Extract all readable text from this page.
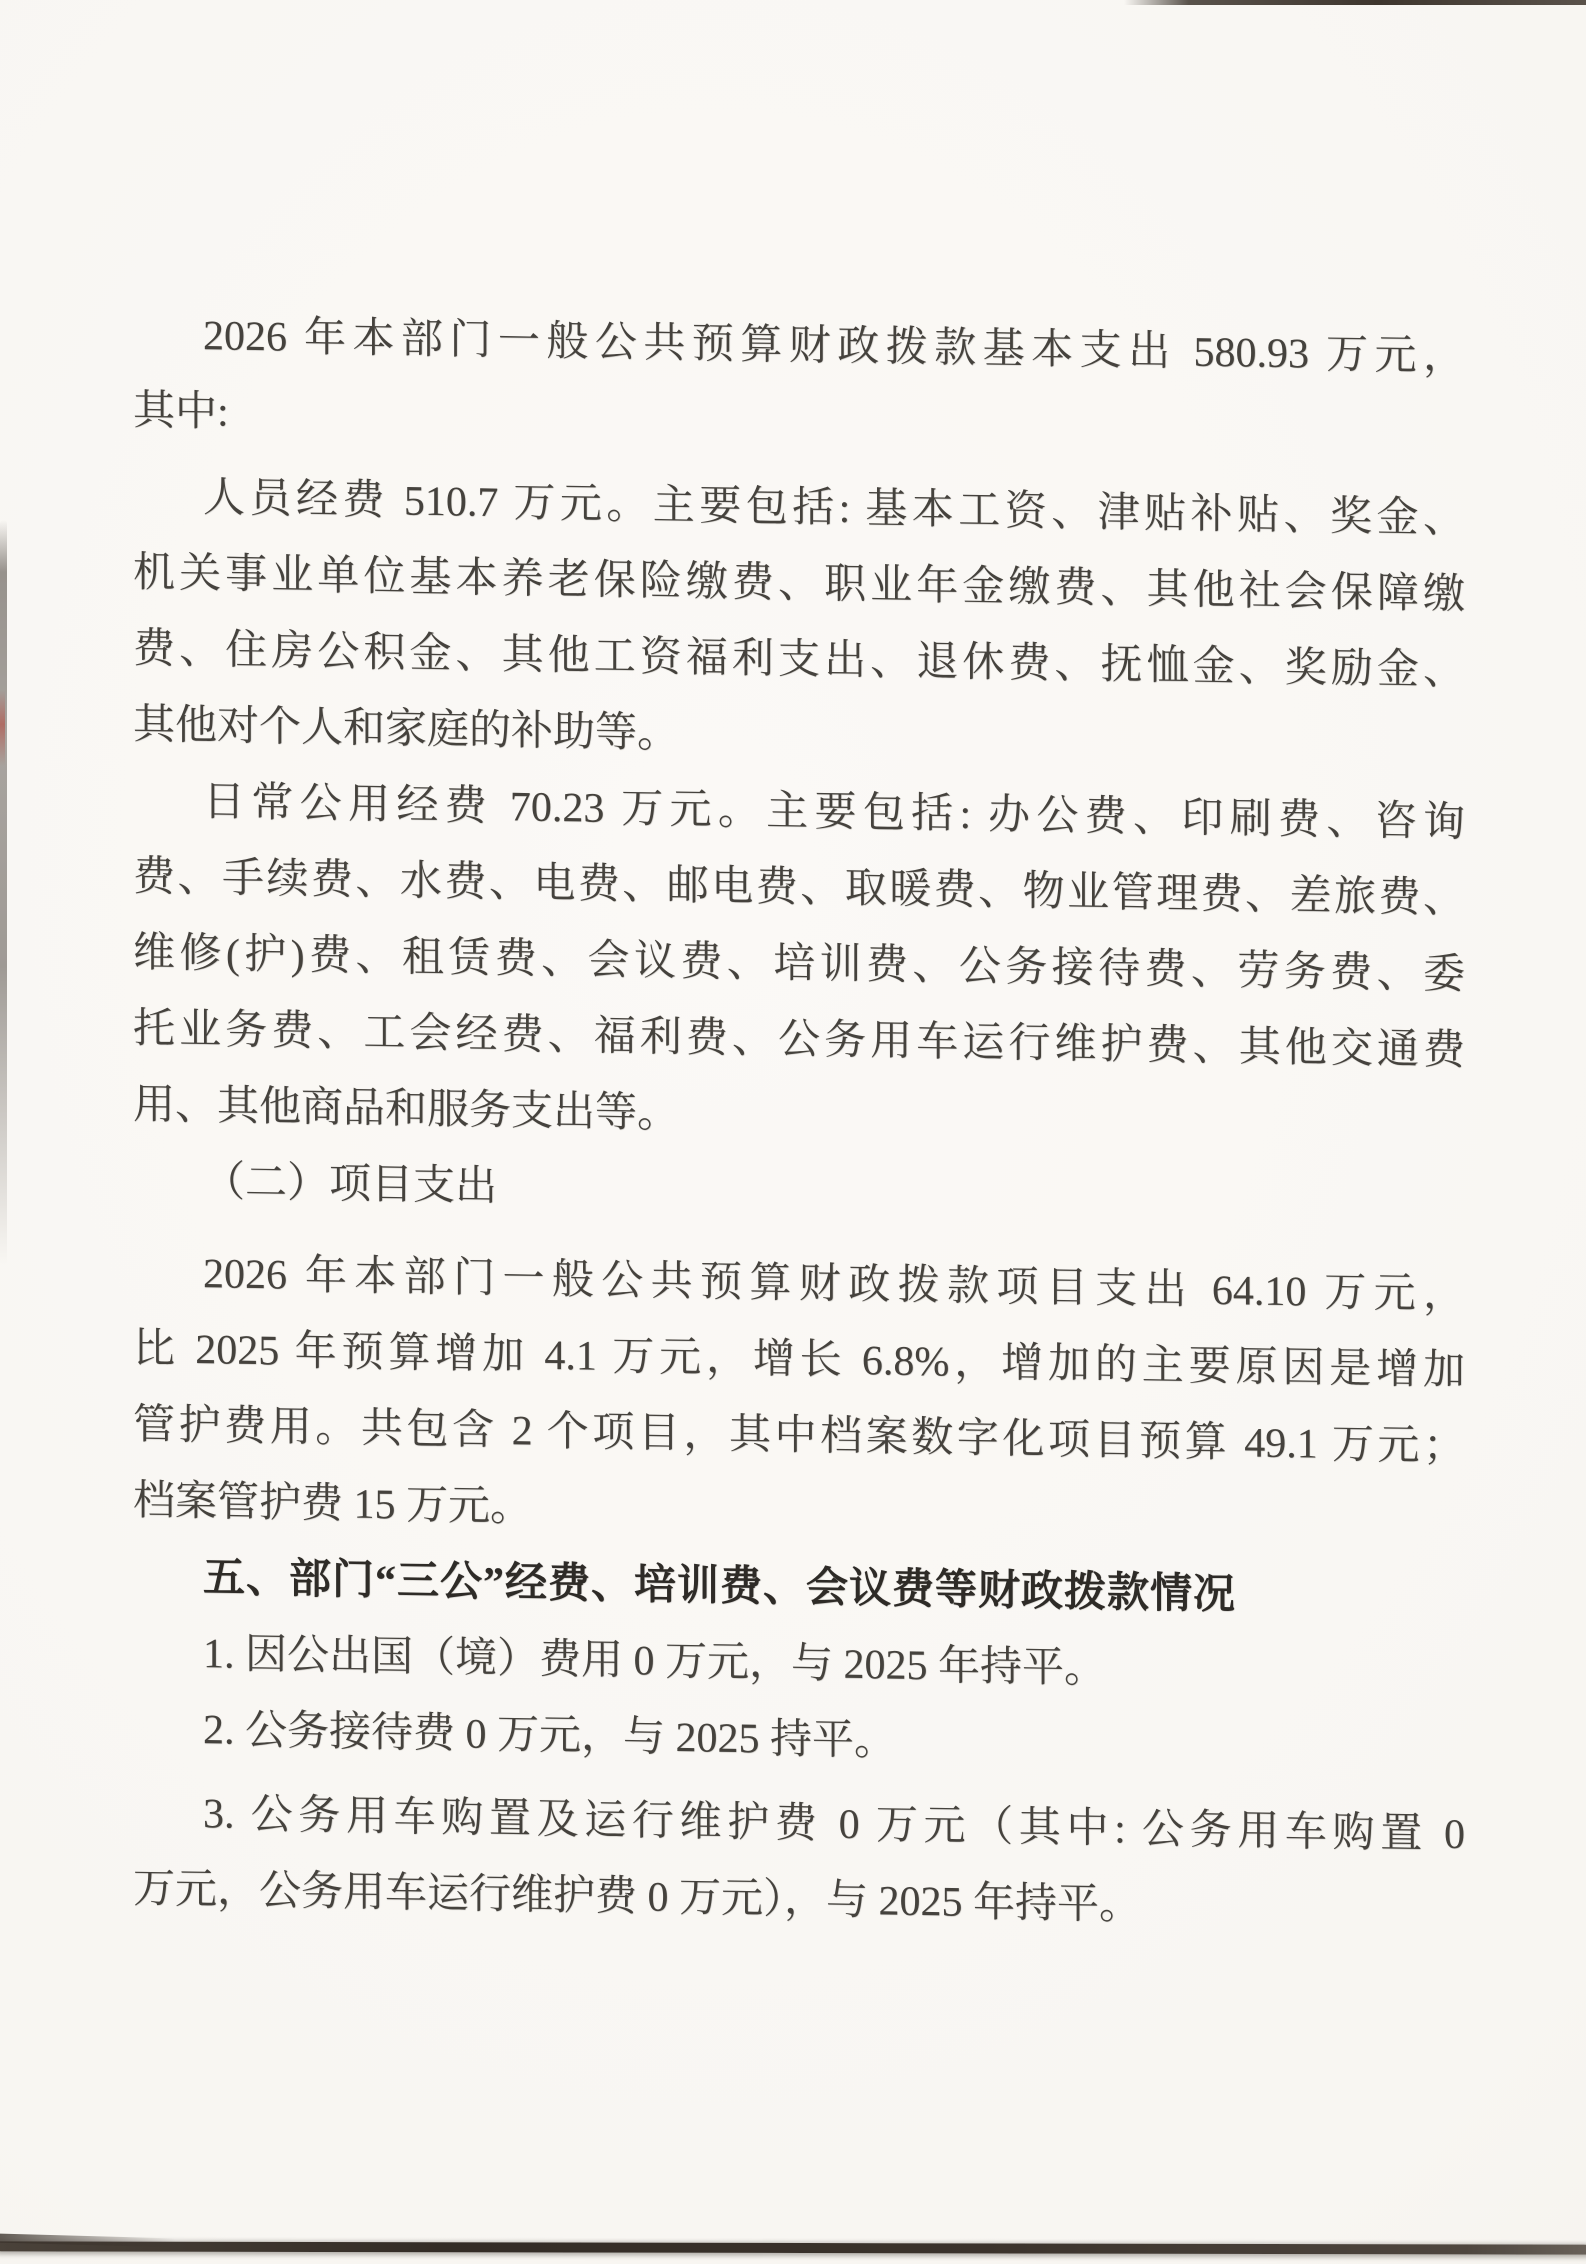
2026 年本部门一般公共预算财政拨款基本支出 580.93 万元，
其中:
人员经费 510.7 万元。主要包括: 基本工资、津贴补贴、奖金、
机关事业单位基本养老保险缴费、职业年金缴费、其他社会保障缴
费、住房公积金、其他工资福利支出、退休费、抚恤金、奖励金、
其他对个人和家庭的补助等。
日常公用经费 70.23 万元。主要包括: 办公费、印刷费、咨询
费、手续费、水费、电费、邮电费、取暖费、物业管理费、差旅费、
维修(护)费、租赁费、会议费、培训费、公务接待费、劳务费、委
托业务费、工会经费、福利费、公务用车运行维护费、其他交通费
用、其他商品和服务支出等。
（二）项目支出
2026 年本部门一般公共预算财政拨款项目支出 64.10 万元，
比 2025 年预算增加 4.1 万元，增长 6.8%，增加的主要原因是增加
管护费用。共包含 2 个项目，其中档案数字化项目预算 49.1 万元；
档案管护费 15 万元。
五、部门“三公”经费、培训费、会议费等财政拨款情况
1. 因公出国（境）费用 0 万元，与 2025 年持平。
2. 公务接待费 0 万元，与 2025 持平。
3. 公务用车购置及运行维护费 0 万元（其中: 公务用车购置 0
万元，公务用车运行维护费 0 万元），与 2025 年持平。
